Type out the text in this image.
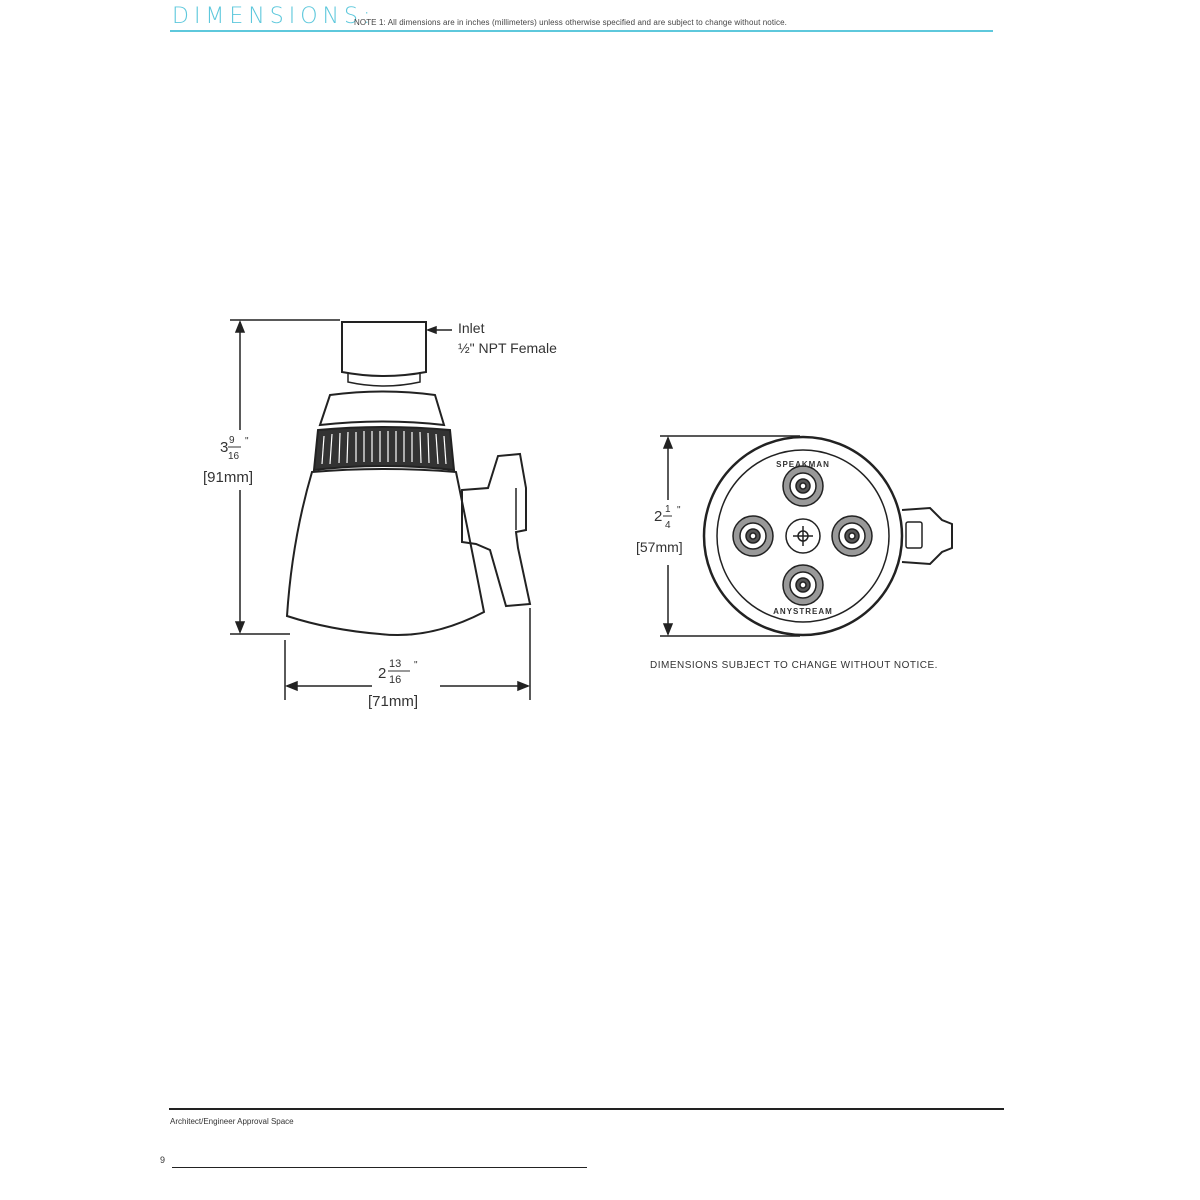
DIMENSIONS:
NOTE 1: All dimensions are in inches (millimeters) unless otherwise specified and are subject to change without notice.
Inlet
½" NPT Female
3 9
16
"
[91mm]
2
13
16
"
[71mm]
2 1
4
"
[57mm]
SPEAKMAN
ANYSTREAM
DIMENSIONS SUBJECT TO CHANGE WITHOUT NOTICE.
Architect/Engineer Approval Space
9
